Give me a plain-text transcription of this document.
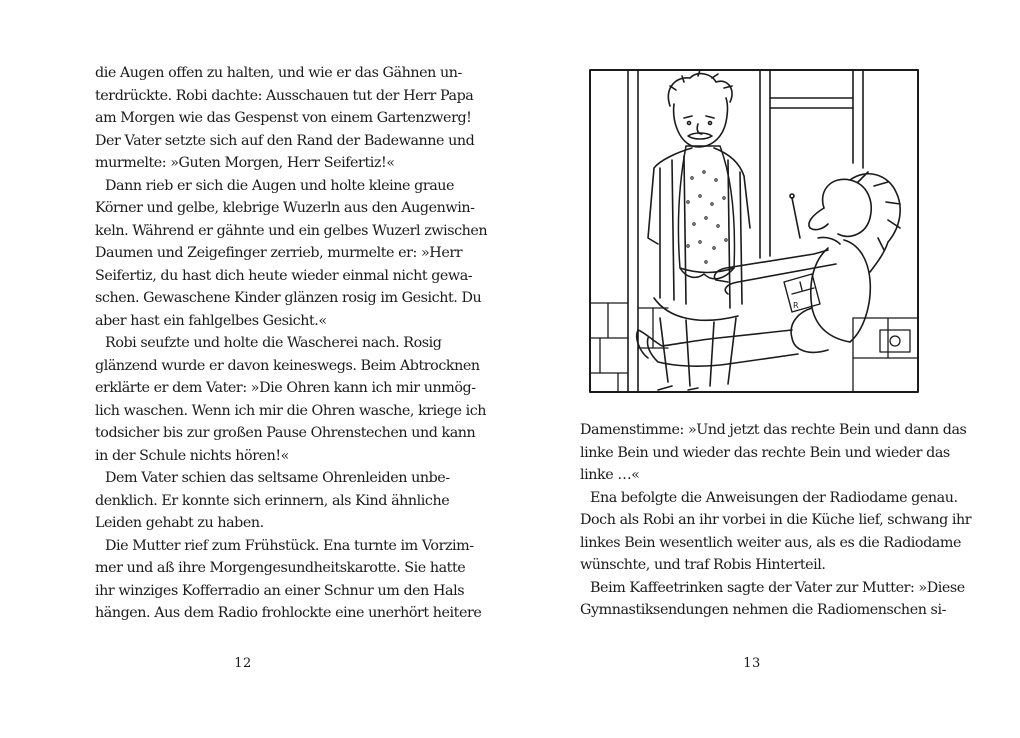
die Augen offen zu halten, und wie er das Gähnen un-
terdrückte. Robi dachte: Ausschauen tut der Herr Papa
am Morgen wie das Gespenst von einem Gartenzwerg!
Der Vater setzte sich auf den Rand der Badewanne und
murmelte: »Guten Morgen, Herr Seifertiz!«
Dann rieb er sich die Augen und holte kleine graue
Körner und gelbe, klebrige Wuzerln aus den Augenwin-
keln. Während er gähnte und ein gelbes Wuzerl zwischen
Daumen und Zeigefinger zerrieb, murmelte er: »Herr
Seifertiz, du hast dich heute wieder einmal nicht gewa-
schen. Gewaschene Kinder glänzen rosig im Gesicht. Du
aber hast ein fahlgelbes Gesicht.«
Robi seufzte und holte die Wascherei nach. Rosig
glänzend wurde er davon keineswegs. Beim Abtrocknen
erklärte er dem Vater: »Die Ohren kann ich mir unmög-
lich waschen. Wenn ich mir die Ohren wasche, kriege ich
todsicher bis zur großen Pause Ohrenstechen und kann
in der Schule nichts hören!«
Dem Vater schien das seltsame Ohrenleiden unbe-
denklich. Er konnte sich erinnern, als Kind ähnliche
Leiden gehabt zu haben.
Die Mutter rief zum Frühstück. Ena turnte im Vorzim-
mer und aß ihre Morgengesundheitskarotte. Sie hatte
ihr winziges Kofferradio an einer Schnur um den Hals
hängen. Aus dem Radio frohlockte eine unerhört heitere
12
R
Damenstimme: »Und jetzt das rechte Bein und dann das
linke Bein und wieder das rechte Bein und wieder das
linke …«
Ena befolgte die Anweisungen der Radiodame genau.
Doch als Robi an ihr vorbei in die Küche lief, schwang ihr
linkes Bein wesentlich weiter aus, als es die Radiodame
wünschte, und traf Robis Hinterteil.
Beim Kaffeetrinken sagte der Vater zur Mutter: »Diese
Gymnastiksendungen nehmen die Radiomenschen si-
13
